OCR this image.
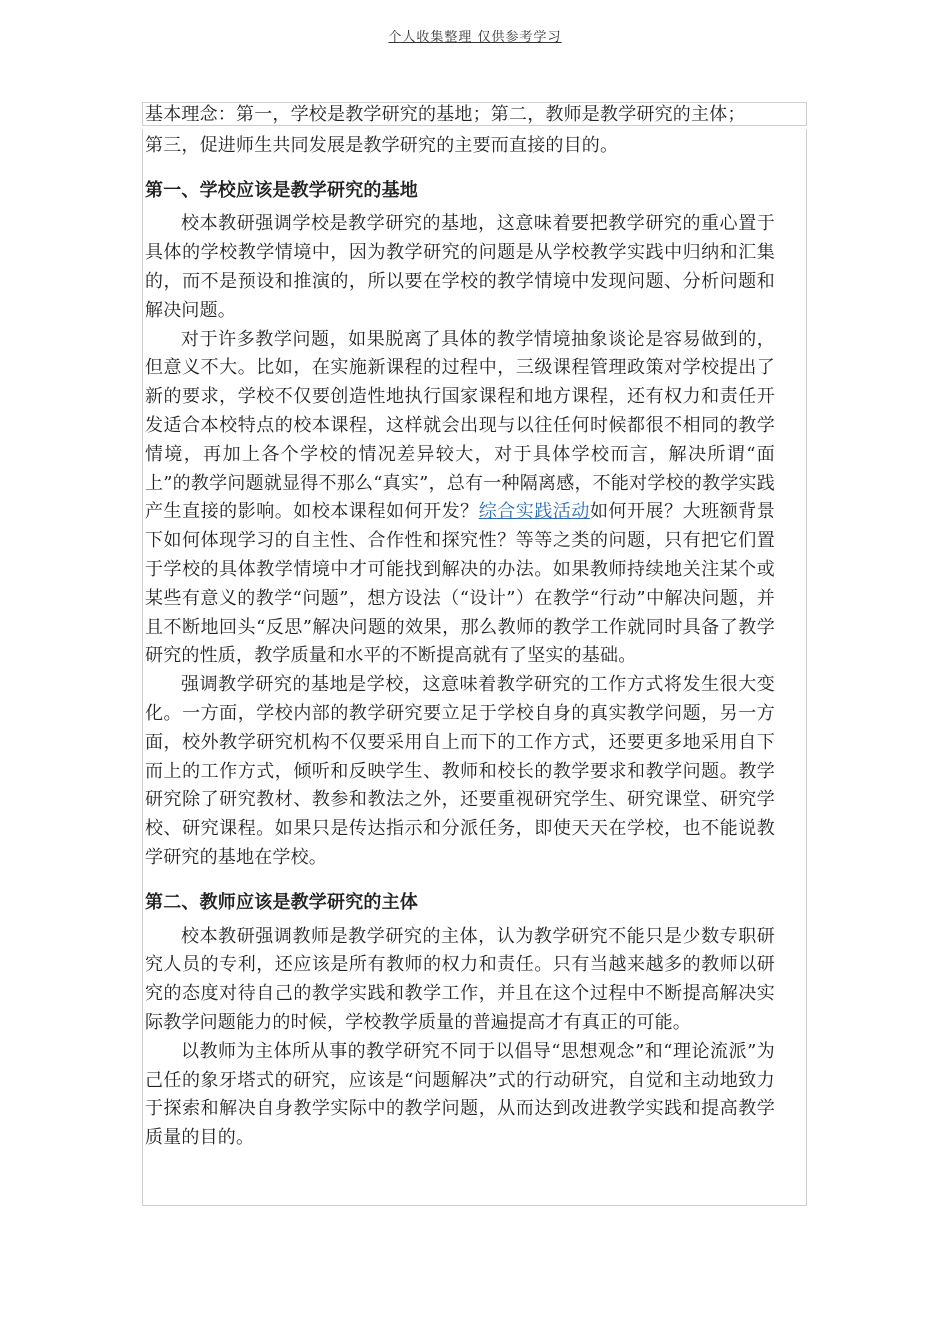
个人收集整理 仅供参考学习

基本理念：第一，学校是教学研究的基地；第二，教师是教学研究的主体；

第三，促进师生共同发展是教学研究的主要而直接的目的。

第一、学校应该是教学研究的基地

校本教研强调学校是教学研究的基地，这意味着要把教学研究的重心置于具体的学校教学情境中，因为教学研究的问题是从学校教学实践中归纳和汇集的，而不是预设和推演的，所以要在学校的教学情境中发现问题、分析问题和解决问题。

对于许多教学问题，如果脱离了具体的教学情境抽象谈论是容易做到的，但意义不大。比如，在实施新课程的过程中，三级课程管理政策对学校提出了新的要求，学校不仅要创造性地执行国家课程和地方课程，还有权力和责任开发适合本校特点的校本课程，这样就会出现与以往任何时候都很不相同的教学情境，再加上各个学校的情况差异较大，对于具体学校而言，解决所谓“面上”的教学问题就显得不那么“真实”，总有一种隔离感，不能对学校的教学实践产生直接的影响。如校本课程如何开发？综合实践活动如何开展？大班额背景下如何体现学习的自主性、合作性和探究性？等等之类的问题，只有把它们置于学校的具体教学情境中才可能找到解决的办法。如果教师持续地关注某个或某些有意义的教学“问题”，想方设法（“设计”）在教学“行动”中解决问题，并且不断地回头“反思”解决问题的效果，那么教师的教学工作就同时具备了教学研究的性质，教学质量和水平的不断提高就有了坚实的基础。

强调教学研究的基地是学校，这意味着教学研究的工作方式将发生很大变化。一方面，学校内部的教学研究要立足于学校自身的真实教学问题，另一方面，校外教学研究机构不仅要采用自上而下的工作方式，还要更多地采用自下而上的工作方式，倾听和反映学生、教师和校长的教学要求和教学问题。教学研究除了研究教材、教参和教法之外，还要重视研究学生、研究课堂、研究学校、研究课程。如果只是传达指示和分派任务，即使天天在学校，也不能说教学研究的基地在学校。

第二、教师应该是教学研究的主体

校本教研强调教师是教学研究的主体，认为教学研究不能只是少数专职研究人员的专利，还应该是所有教师的权力和责任。只有当越来越多的教师以研究的态度对待自己的教学实践和教学工作，并且在这个过程中不断提高解决实际教学问题能力的时候，学校教学质量的普遍提高才有真正的可能。

以教师为主体所从事的教学研究不同于以倡导“思想观念”和“理论流派”为己任的象牙塔式的研究，应该是“问题解决”式的行动研究，自觉和主动地致力于探索和解决自身教学实际中的教学问题，从而达到改进教学实践和提高教学质量的目的。
